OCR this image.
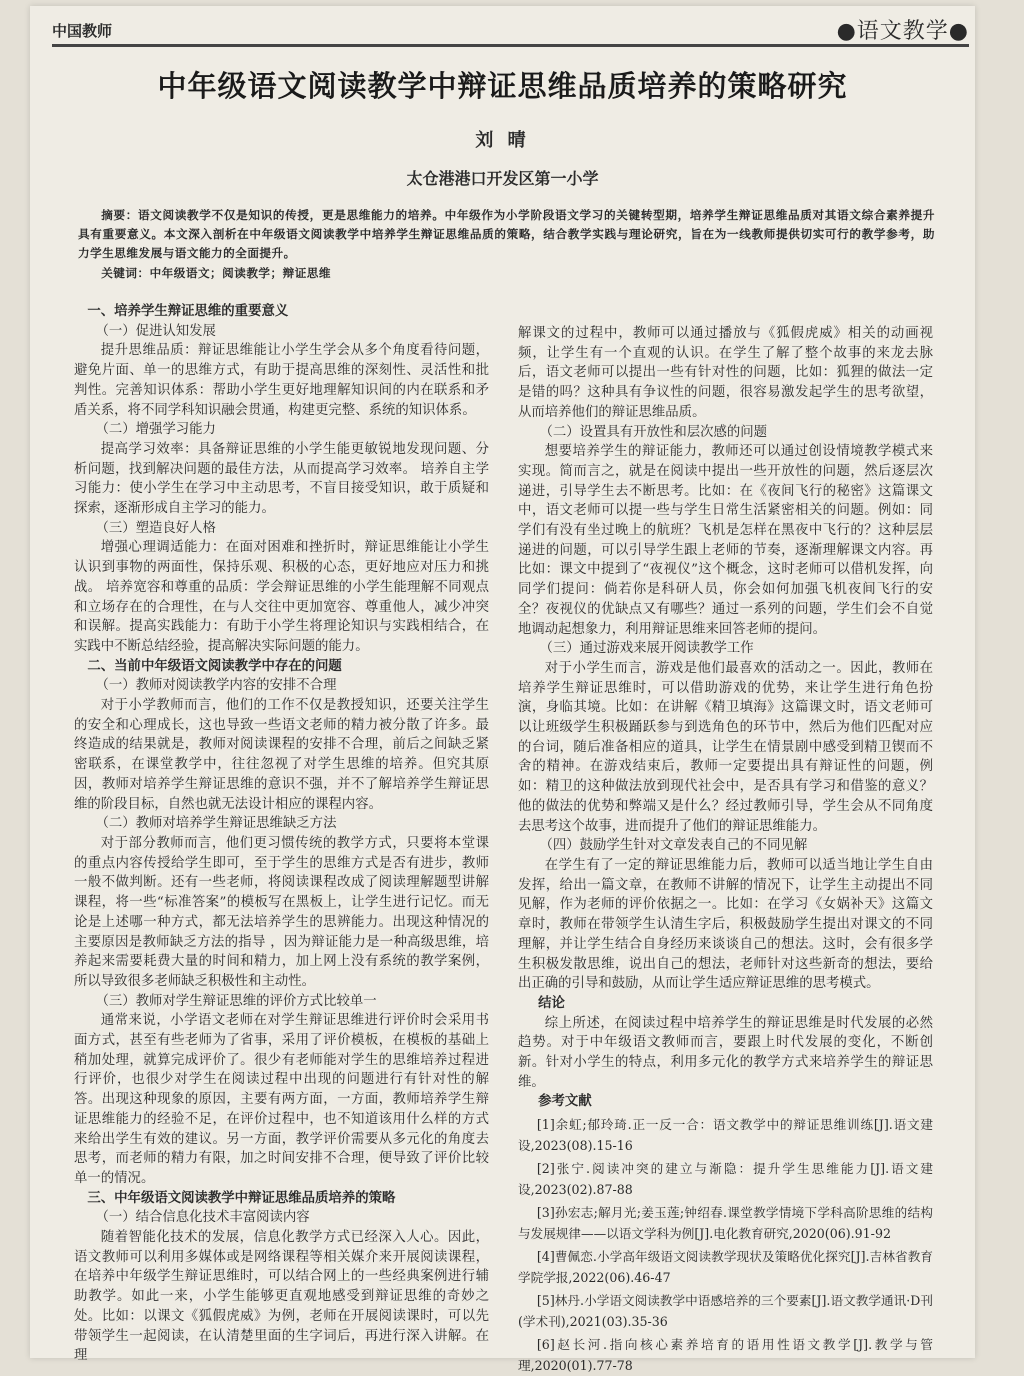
中国教师	●语文教学●
中年级语文阅读教学中辩证思维品质培养的策略研究
刘 晴
太仓港港口开发区第一小学
摘要：语文阅读教学不仅是知识的传授，更是思维能力的培养。中年级作为小学阶段语文学习的关键转型期，培养学生辩证思维品质对其语文综合素养提升具有重要意义。本文深入剖析在中年级语文阅读教学中培养学生辩证思维品质的策略，结合教学实践与理论研究，旨在为一线教师提供切实可行的教学参考，助力学生思维发展与语文能力的全面提升。
关键词：中年级语文；阅读教学；辩证思维

一、培养学生辩证思维的重要意义

（一）促进认知发展

提升思维品质：辩证思维能让小学生学会从多个角度看待问题，避免片面、单一的思维方式，有助于提高思维的深刻性、灵活性和批判性。完善知识体系：帮助小学生更好地理解知识间的内在联系和矛盾关系，将不同学科知识融会贯通，构建更完整、系统的知识体系。

（二）增强学习能力

提高学习效率：具备辩证思维的小学生能更敏锐地发现问题、分析问题，找到解决问题的最佳方法，从而提高学习效率。 培养自主学习能力：使小学生在学习中主动思考，不盲目接受知识，敢于质疑和探索，逐渐形成自主学习的能力。

（三）塑造良好人格

增强心理调适能力：在面对困难和挫折时，辩证思维能让小学生认识到事物的两面性，保持乐观、积极的心态，更好地应对压力和挑战。 培养宽容和尊重的品质：学会辩证思维的小学生能理解不同观点和立场存在的合理性，在与人交往中更加宽容、尊重他人，减少冲突和误解。提高实践能力：有助于小学生将理论知识与实践相结合，在实践中不断总结经验，提高解决实际问题的能力。

二、当前中年级语文阅读教学中存在的问题

（一）教师对阅读教学内容的安排不合理

对于小学教师而言，他们的工作不仅是教授知识，还要关注学生的安全和心理成长，这也导致一些语文老师的精力被分散了许多。最终造成的结果就是，教师对阅读课程的安排不合理，前后之间缺乏紧密联系，在课堂教学中，往往忽视了对学生思维的培养。但究其原因，教师对培养学生辩证思维的意识不强，并不了解培养学生辩证思维的阶段目标，自然也就无法设计相应的课程内容。

（二）教师对培养学生辩证思维缺乏方法

对于部分教师而言，他们更习惯传统的教学方式，只要将本堂课的重点内容传授给学生即可，至于学生的思维方式是否有进步，教师一般不做判断。还有一些老师，将阅读课程改成了阅读理解题型讲解课程，将一些“标准答案”的模板写在黑板上，让学生进行记忆。而无论是上述哪一种方式，都无法培养学生的思辨能力。出现这种情况的主要原因是教师缺乏方法的指导 ，因为辩证能力是一种高级思维，培养起来需要耗费大量的时间和精力，加上网上没有系统的教学案例，所以导致很多老师缺乏积极性和主动性。

（三）教师对学生辩证思维的评价方式比较单一

通常来说，小学语文老师在对学生辩证思维进行评价时会采用书面方式，甚至有些老师为了省事，采用了评价模板，在模板的基础上稍加处理，就算完成评价了。很少有老师能对学生的思维培养过程进行评价，也很少对学生在阅读过程中出现的问题进行有针对性的解答。出现这种现象的原因，主要有两方面，一方面，教师培养学生辩证思维能力的经验不足，在评价过程中，也不知道该用什么样的方式来给出学生有效的建议。另一方面，教学评价需要从多元化的角度去思考，而老师的精力有限，加之时间安排不合理，便导致了评价比较单一的情况。

三、中年级语文阅读教学中辩证思维品质培养的策略

（一）结合信息化技术丰富阅读内容

随着智能化技术的发展，信息化教学方式已经深入人心。因此，语文教师可以利用多媒体或是网络课程等相关媒介来开展阅读课程，在培养中年级学生辩证思维时，可以结合网上的一些经典案例进行辅助教学。如此一来，小学生能够更直观地感受到辩证思维的奇妙之处。比如：以课文《狐假虎威》为例，老师在开展阅读课时，可以先带领学生一起阅读，在认清楚里面的生字词后，再进行深入讲解。在理

解课文的过程中，教师可以通过播放与《狐假虎威》相关的动画视频，让学生有一个直观的认识。在学生了解了整个故事的来龙去脉后，语文老师可以提出一些有针对性的问题，比如：狐狸的做法一定是错的吗？这种具有争议性的问题，很容易激发起学生的思考欲望，从而培养他们的辩证思维品质。

（二）设置具有开放性和层次感的问题

想要培养学生的辩证能力，教师还可以通过创设情境教学模式来实现。简而言之，就是在阅读中提出一些开放性的问题，然后逐层次递进，引导学生去不断思考。比如：在《夜间飞行的秘密》这篇课文中，语文老师可以提一些与学生日常生活紧密相关的问题。例如：同学们有没有坐过晚上的航班？飞机是怎样在黑夜中飞行的？这种层层递进的问题，可以引导学生跟上老师的节奏，逐渐理解课文内容。再比如：课文中提到了“夜视仪”这个概念，这时老师可以借机发挥，向同学们提问：倘若你是科研人员，你会如何加强飞机夜间飞行的安全？夜视仪的优缺点又有哪些？通过一系列的问题，学生们会不自觉地调动起想象力，利用辩证思维来回答老师的提问。

（三）通过游戏来展开阅读教学工作

对于小学生而言，游戏是他们最喜欢的活动之一。因此，教师在培养学生辩证思维时，可以借助游戏的优势，来让学生进行角色扮演，身临其境。比如：在讲解《精卫填海》这篇课文时，语文老师可以让班级学生积极踊跃参与到选角色的环节中，然后为他们匹配对应的台词，随后准备相应的道具，让学生在情景剧中感受到精卫锲而不舍的精神。在游戏结束后，教师一定要提出具有辩证性的问题，例如：精卫的这种做法放到现代社会中，是否具有学习和借鉴的意义？他的做法的优势和弊端又是什么？经过教师引导，学生会从不同角度去思考这个故事，进而提升了他们的辩证思维能力。

（四）鼓励学生针对文章发表自己的不同见解

在学生有了一定的辩证思维能力后，教师可以适当地让学生自由发挥，给出一篇文章，在教师不讲解的情况下，让学生主动提出不同见解，作为老师的评价依据之一。比如：在学习《女娲补天》这篇文章时，教师在带领学生认清生字后，积极鼓励学生提出对课文的不同理解，并让学生结合自身经历来谈谈自己的想法。这时，会有很多学生积极发散思维，说出自己的想法，老师针对这些新奇的想法，要给出正确的引导和鼓励，从而让学生适应辩证思维的思考模式。

结论

综上所述，在阅读过程中培养学生的辩证思维是时代发展的必然趋势。对于中年级语文教师而言，要跟上时代发展的变化，不断创新。针对小学生的特点，利用多元化的教学方式来培养学生的辩证思维。

参考文献

[1]余虹;郁玲琦.正一反一合：语文教学中的辩证思维训练[J].语文建设,2023(08).15-16

[2]张宁.阅读冲突的建立与渐隐：提升学生思维能力[J].语文建设,2023(02).87-88

[3]孙宏志;解月光;姜玉莲;钟绍春.课堂教学情境下学科高阶思维的结构与发展规律——以语文学科为例[J].电化教育研究,2020(06).91-92

[4]曹佩恋.小学高年级语文阅读教学现状及策略优化探究[J].吉林省教育学院学报,2022(06).46-47

[5]林丹.小学语文阅读教学中语感培养的三个要素[J].语文教学通讯·D刊(学术刊),2021(03).35-36

[6]赵长河.指向核心素养培育的语用性语文教学[J].教学与管理,2020(01).77-78
